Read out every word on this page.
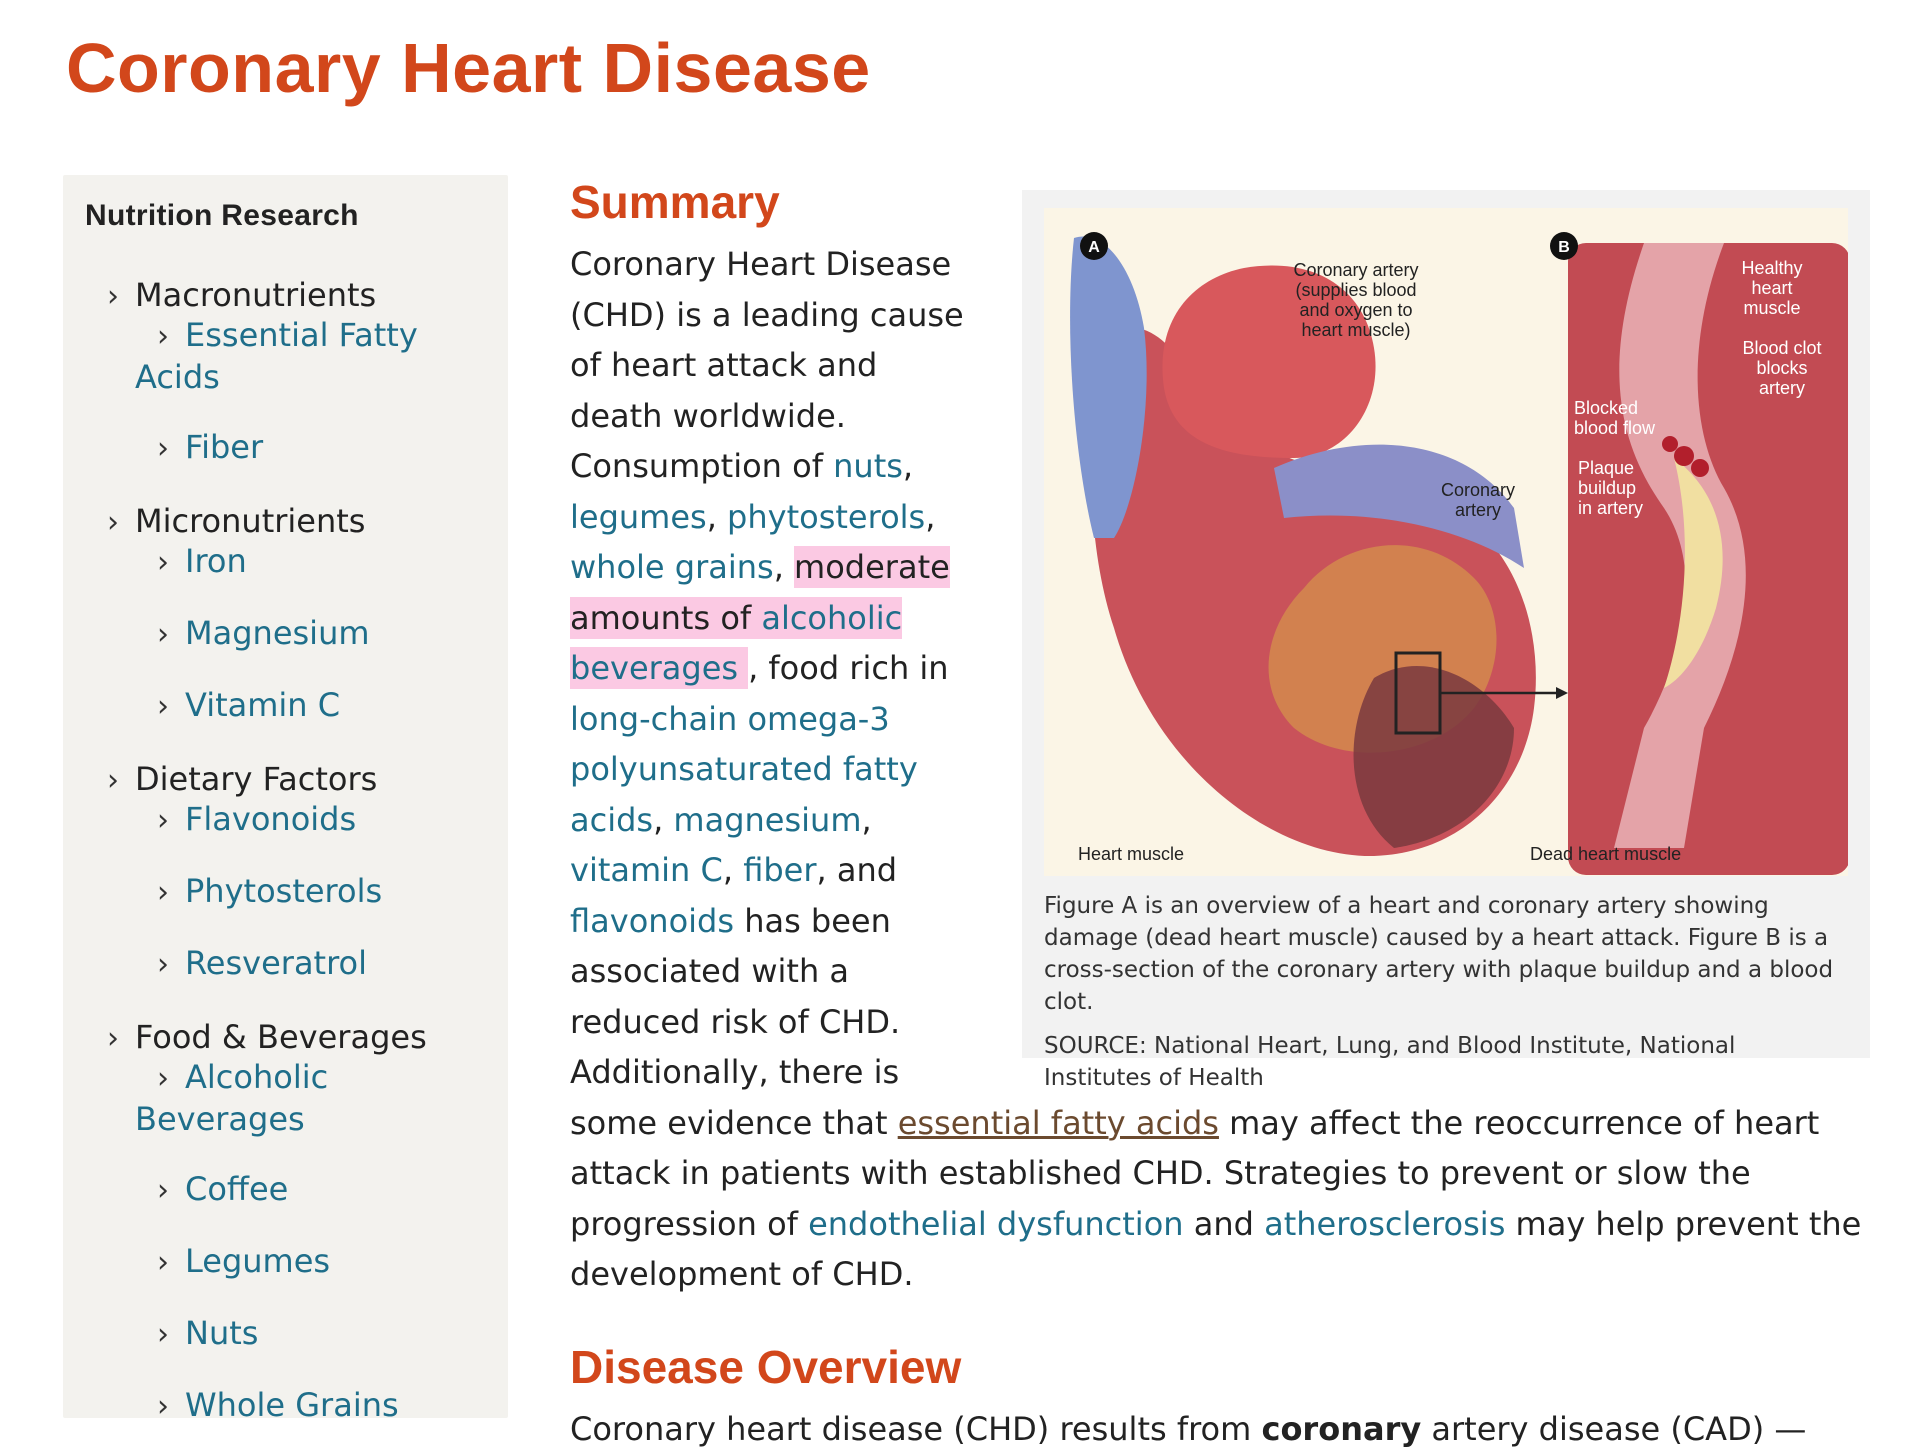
Coronary Heart Disease
Nutrition Research
› Macronutrients
› Essential Fatty Acids
› Fiber
› Micronutrients
› Iron
› Magnesium
› Vitamin C
› Dietary Factors
› Flavonoids
› Phytosterols
› Resveratrol
› Food & Beverages
› Alcoholic Beverages
› Coffee
› Legumes
› Nuts
› Whole Grains
A	B
Coronary artery
(supplies blood
and oxygen to
heart muscle)
Coronary
artery
Healthy
heart
muscle
Blood clot
blocks
artery
Blocked
blood flow
Plaque
buildup
in artery
Heart muscle	Dead heart muscle

Figure A is an overview of a heart and coronary artery showing damage (dead heart muscle) caused by a heart attack. Figure B is a cross-section of the coronary artery with plaque buildup and a blood clot.

SOURCE: National Heart, Lung, and Blood Institute, National Institutes of Health

Summary

Coronary Heart Disease (CHD) is a leading cause of heart attack and death worldwide. Consumption of nuts, legumes, phytosterols, whole grains, moderate amounts of alcoholic beverages , food rich in long-chain omega-3 polyunsaturated fatty acids, magnesium, vitamin C, fiber, and flavonoids has been associated with a reduced risk of CHD. Additionally, there is some evidence that essential fatty acids may affect the reoccurrence of heart attack in patients with established CHD. Strategies to prevent or slow the progression of endothelial dysfunction and atherosclerosis may help prevent the development of CHD.

Disease Overview

Coronary heart disease (CHD) results from coronary artery disease (CAD) —
